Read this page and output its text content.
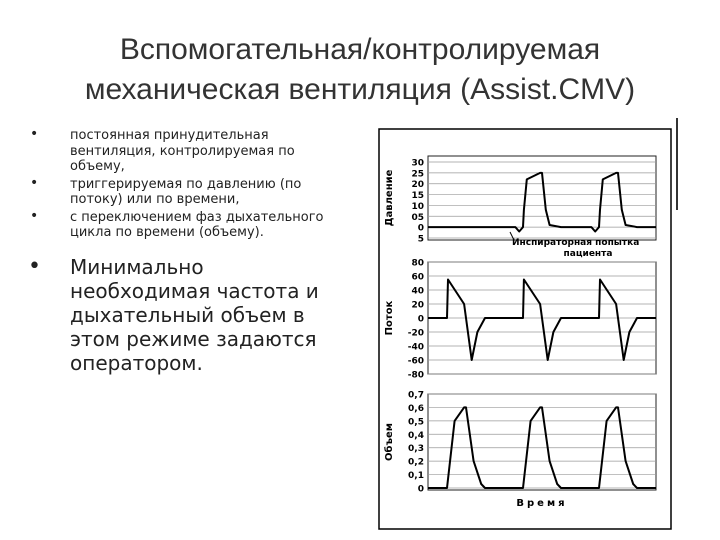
Вспомогательная/контролируемая
механическая вентиляция (Assist.CMV)
• постоянная принудительная вентиляция, контролируемая по объему,
• триггерируемая по давлению (по потоку) или по времени,
• с переключением фаз дыхательного цикла по времени (объему).
• Минимально необходимая частота и дыхательный объем в этом режиме задаются оператором.
30
25
20
15
10
05
0
5
80
60
40
20
0
-20
-40
-60
-80
0,7
0,6
0,5
0,4
0,3
0,2
0,1
0
Давление
Поток
Объем
Инспираторная попытка
пациента
Время
